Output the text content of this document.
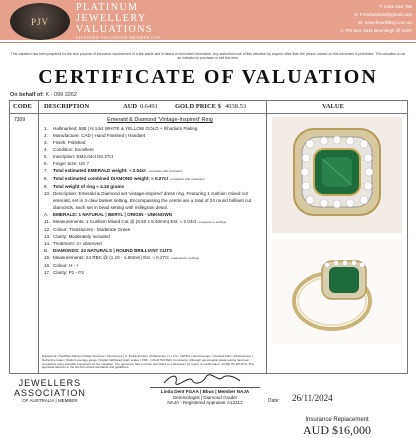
PJV
PLATINUM
JEWELLERY
VALUATIONS
LICENSED VALUATION MEMBER LTD
T: 0431 045 785
E: PJValuations@gmail.com
W: www.beanbling.com.au
A: PO Box 1511 Beenleigh @ 4207
This valuation has been prepared for the sole purpose of insurance replacement of a like article and is based on furnished information. Any authorised use of this valuation by anyone other than the person named on this document is prohibited. This valuation is not an invitation to purchase or sell this item.
CERTIFICATE OF VALUATION
On behalf of: K - 099 3262
CODE DESCRIPTION	AUD 0.6491	GOLD PRICE $ 4038.53	VALUE
7309	Emerald & Diamond 'Vintage-Inspired' Ring
1.	Hallmarked: 585 | N 14ct WHITE & YELLOW GOLD + Rhodium Plating
2.	Manufacture: CAD | Hand Finished | Handset
3.	Finish: Polished
4.	Condition: Excellent
5.	Inscription: EM2.04ct D0.27ct
6.	Finger Size: US 7
7.	Total estimated EMERALD weight: ≈ 2.04ct - consistent with inscription
8.	Total estimated combined DIAMOND weight: ≈ 0.27ct - consistent with inscription
9.	Total weight of ring ≈ 4.16 grams
10. Description: Emerald & Diamond set 'vintage-inspired' dress ring. Featuring 1 cushion mixed cut emerald, set in 4-claw basket setting. Encompassing the centre are a total of 24 round brilliant cut diamonds, each set in bead setting with millegrain detail.
A.	EMERALD: 1 NATURAL | BERYL | ORIGIN - UNKNOWN
11. Measurements: 1 Cushion Mixed Cut @ (8.50 x 8.40mm) Est. ≈ 2.04ct - measures in settings
12. Colour: Translucent - Moderate Green
13. Clarity: Moderately included
14. Treatment: 2+ observed
B.	DIAMONDS: 24 NATURALS | ROUND BRILLIANT CUTS
15. Measurements: 24 RBC @ (1.10 - 1.60mm) Est. ≈ 0.27ct - measured in settings
16. Colour: H - I
17. Clarity: P1 - P2
Equipment: TheWhite Diamond Mass Screener | Microscope | Jr. Refractometer | Polariscope | 2 x UV - LW/SW | Spectroscope | Chelsea Filter | Dichroscope | Refractive Index | Digital Leverage gauge | Digital Calibrated gram scales | XRF - GOLD TESTED. Comments: Although gemological grade testing has been conducted using scientific equipment for the valuation. The gemstone has not been submitted to a laboratory for report of confirmation. CODE OF ETHICS: This appraisal adheres to the NAJA's ethical standards and guidelines.
Insurance Replacement
AUD $16,000
JEWELLERS
ASSOCIATION
OF AUSTRALIA | MEMBER
Linda Dent FGAA | Bbus | Member NAJA
Gemmologist | Diamond Grader
NAJA - Registered Appraiser A12312	Date: 26/11/2024
